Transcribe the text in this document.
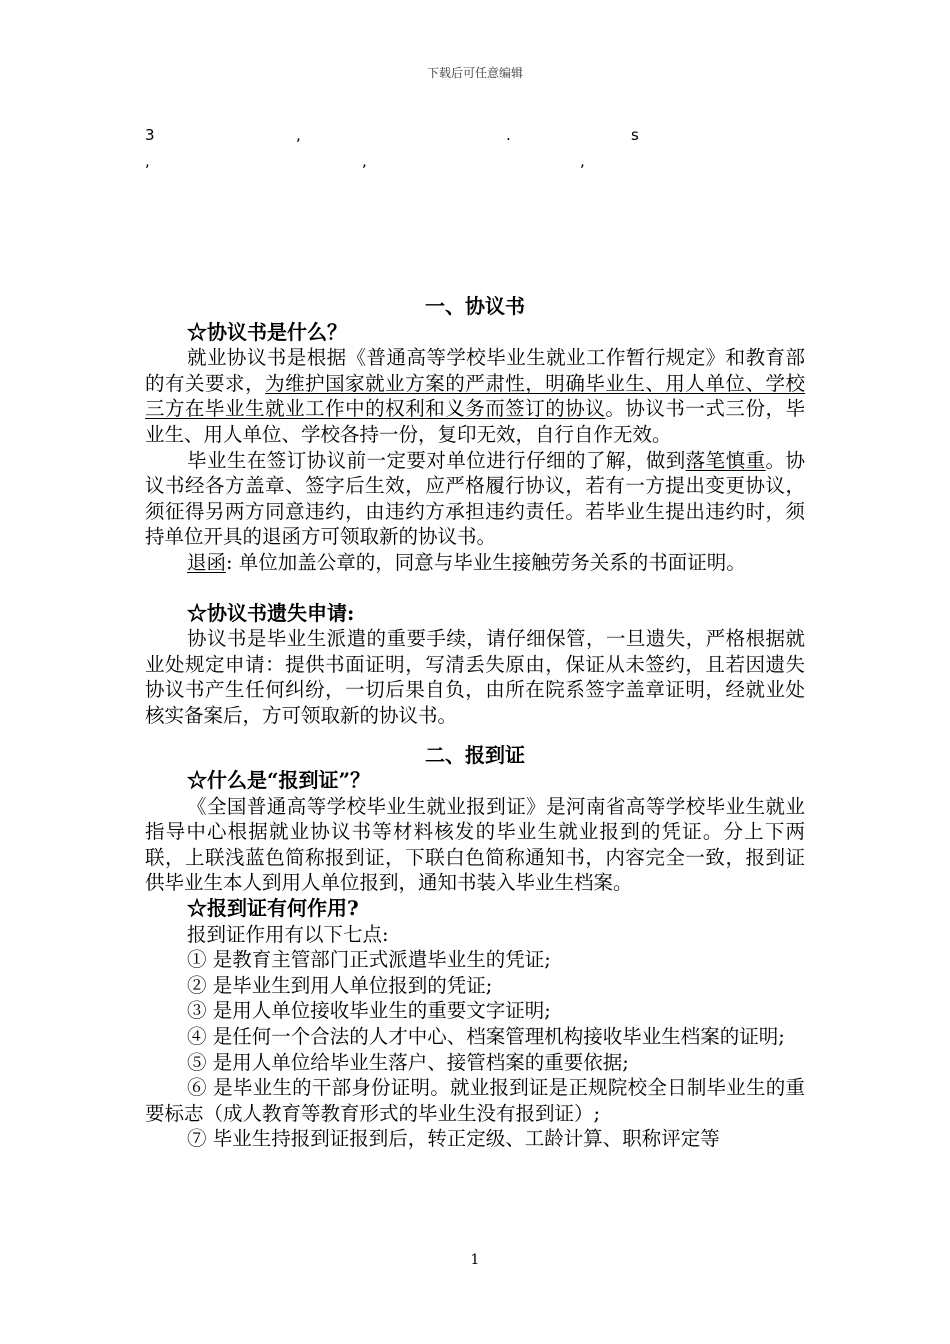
下载后可任意编辑
3	,	.	s
,	,	,

一、协议书

☆协议书是什么？

就业协议书是根据《普通高等学校毕业生就业工作暂行规定》和教育部的有关要求，为维护国家就业方案的严肃性，明确毕业生、用人单位、学校三方在毕业生就业工作中的权利和义务而签订的协议。协议书一式三份，毕业生、用人单位、学校各持一份，复印无效，自行自作无效。

毕业生在签订协议前一定要对单位进行仔细的了解，做到落笔慎重。协议书经各方盖章、签字后生效，应严格履行协议，若有一方提出变更协议，须征得另两方同意违约，由违约方承担违约责任。若毕业生提出违约时，须持单位开具的退函方可领取新的协议书。

退函: 单位加盖公章的，同意与毕业生接触劳务关系的书面证明。

☆协议书遗失申请:

协议书是毕业生派遣的重要手续，请仔细保管，一旦遗失，严格根据就业处规定申请：提供书面证明，写清丢失原由，保证从未签约，且若因遗失协议书产生任何纠纷，一切后果自负，由所在院系签字盖章证明，经就业处核实备案后，方可领取新的协议书。

二、报到证

☆什么是“报到证”？

《全国普通高等学校毕业生就业报到证》是河南省高等学校毕业生就业指导中心根据就业协议书等材料核发的毕业生就业报到的凭证。分上下两联，上联浅蓝色简称报到证，下联白色简称通知书，内容完全一致，报到证供毕业生本人到用人单位报到，通知书装入毕业生档案。

☆报到证有何作用?

报到证作用有以下七点:

① 是教育主管部门正式派遣毕业生的凭证;

② 是毕业生到用人单位报到的凭证;

③ 是用人单位接收毕业生的重要文字证明;

④ 是任何一个合法的人才中心、档案管理机构接收毕业生档案的证明;

⑤ 是用人单位给毕业生落户、接管档案的重要依据;

⑥ 是毕业生的干部身份证明。就业报到证是正规院校全日制毕业生的重要标志（成人教育等教育形式的毕业生没有报到证）;

⑦ 毕业生持报到证报到后，转正定级、工龄计算、职称评定等

1
